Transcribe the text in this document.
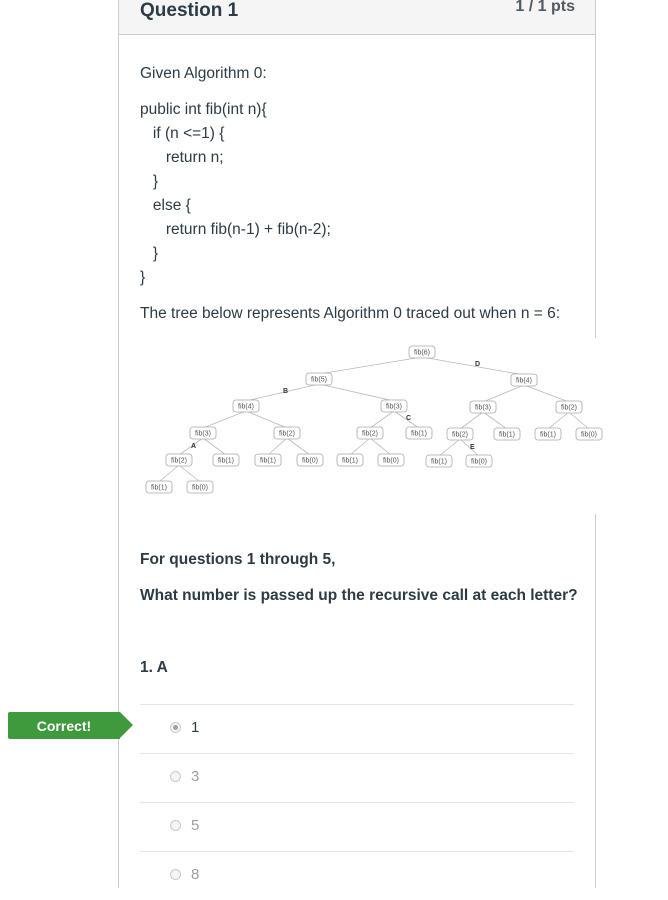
Question 1	1 / 1 pts
Given Algorithm 0:
public int fib(int n){
if (n <=1) {
return n;
}
else {
return fib(n-1) + fib(n-2);
}
}
The tree below represents Algorithm 0 traced out when n = 6:
For questions 1 through 5,
What number is passed up the recursive call at each letter?
1. A
1
3
5
8
fib(6)
fib(5)	fib(4)
fib(4)	fib(3)	fib(3)	fib(2)
fib(3)	fib(2)	fib(2)	fib(1)	fib(2)	fib(1)	fib(1)	fib(0)
fib(2)	fib(1)	fib(1)	fib(0)	fib(1)	fib(0)	fib(1)	fib(0)
fib(1)	fib(0)
A
B
C
D
E
Correct!
